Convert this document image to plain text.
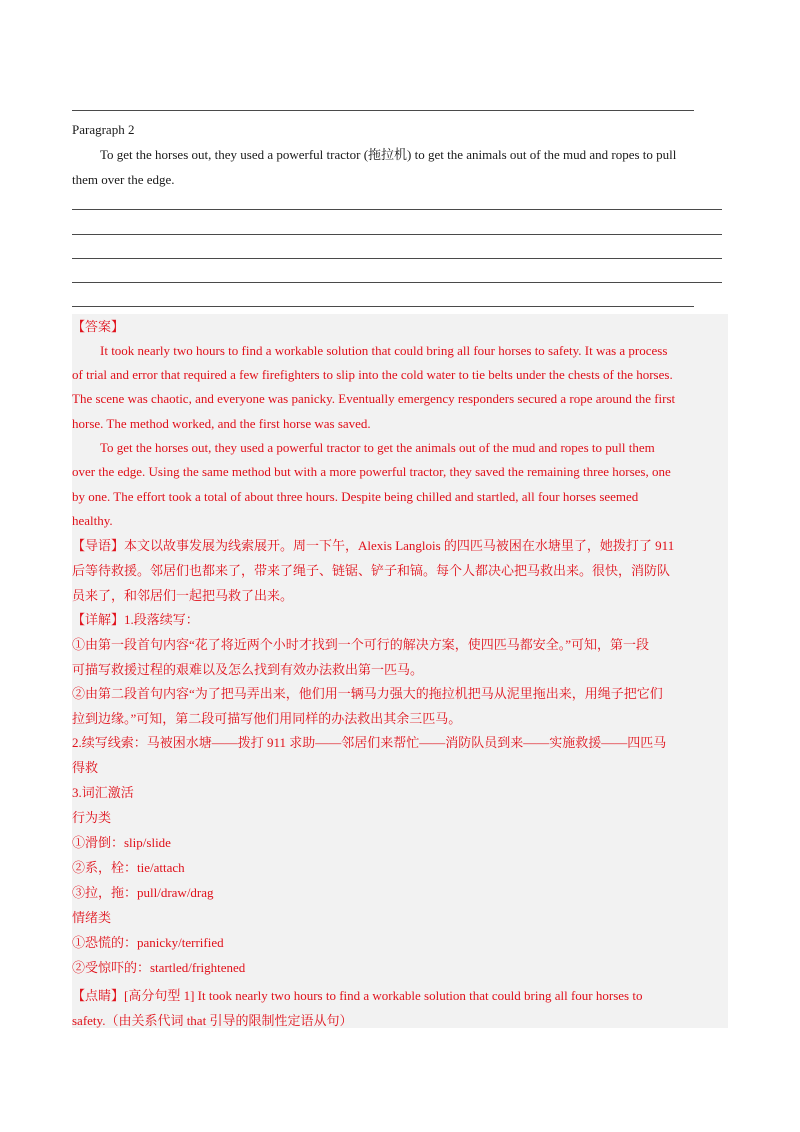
Paragraph 2
To get the horses out, they used a powerful tractor (拖拉机) to get the animals out of the mud and ropes to pull
them over the edge.
【答案】
It took nearly two hours to find a workable solution that could bring all four horses to safety. It was a process
of trial and error that required a few firefighters to slip into the cold water to tie belts under the chests of the horses.
The scene was chaotic, and everyone was panicky. Eventually emergency responders secured a rope around the first
horse. The method worked, and the first horse was saved.
To get the horses out, they used a powerful tractor to get the animals out of the mud and ropes to pull them
over the edge. Using the same method but with a more powerful tractor, they saved the remaining three horses, one
by one. The effort took a total of about three hours. Despite being chilled and startled, all four horses seemed
healthy.
【导语】本文以故事发展为线索展开。周一下午，Alexis Langlois 的四匹马被困在水塘里了，她拨打了 911
后等待救援。邻居们也都来了，带来了绳子、链锯、铲子和镐。每个人都决心把马救出来。很快，消防队
员来了，和邻居们一起把马救了出来。
【详解】1.段落续写：
①由第一段首句内容“花了将近两个小时才找到一个可行的解决方案，使四匹马都安全。”可知，第一段
可描写救援过程的艰难以及怎么找到有效办法救出第一匹马。
②由第二段首句内容“为了把马弄出来，他们用一辆马力强大的拖拉机把马从泥里拖出来，用绳子把它们
拉到边缘。”可知，第二段可描写他们用同样的办法救出其余三匹马。
2.续写线索：马被困水塘——拨打 911 求助——邻居们来帮忙——消防队员到来——实施救援——四匹马
得救
3.词汇激活
行为类
①滑倒：slip/slide
②系，栓：tie/attach
③拉，拖：pull/draw/drag
情绪类
①恐慌的：panicky/terrified
②受惊吓的：startled/frightened
【点睛】[高分句型 1] It took nearly two hours to find a workable solution that could bring all four horses to
safety.（由关系代词 that 引导的限制性定语从句）
